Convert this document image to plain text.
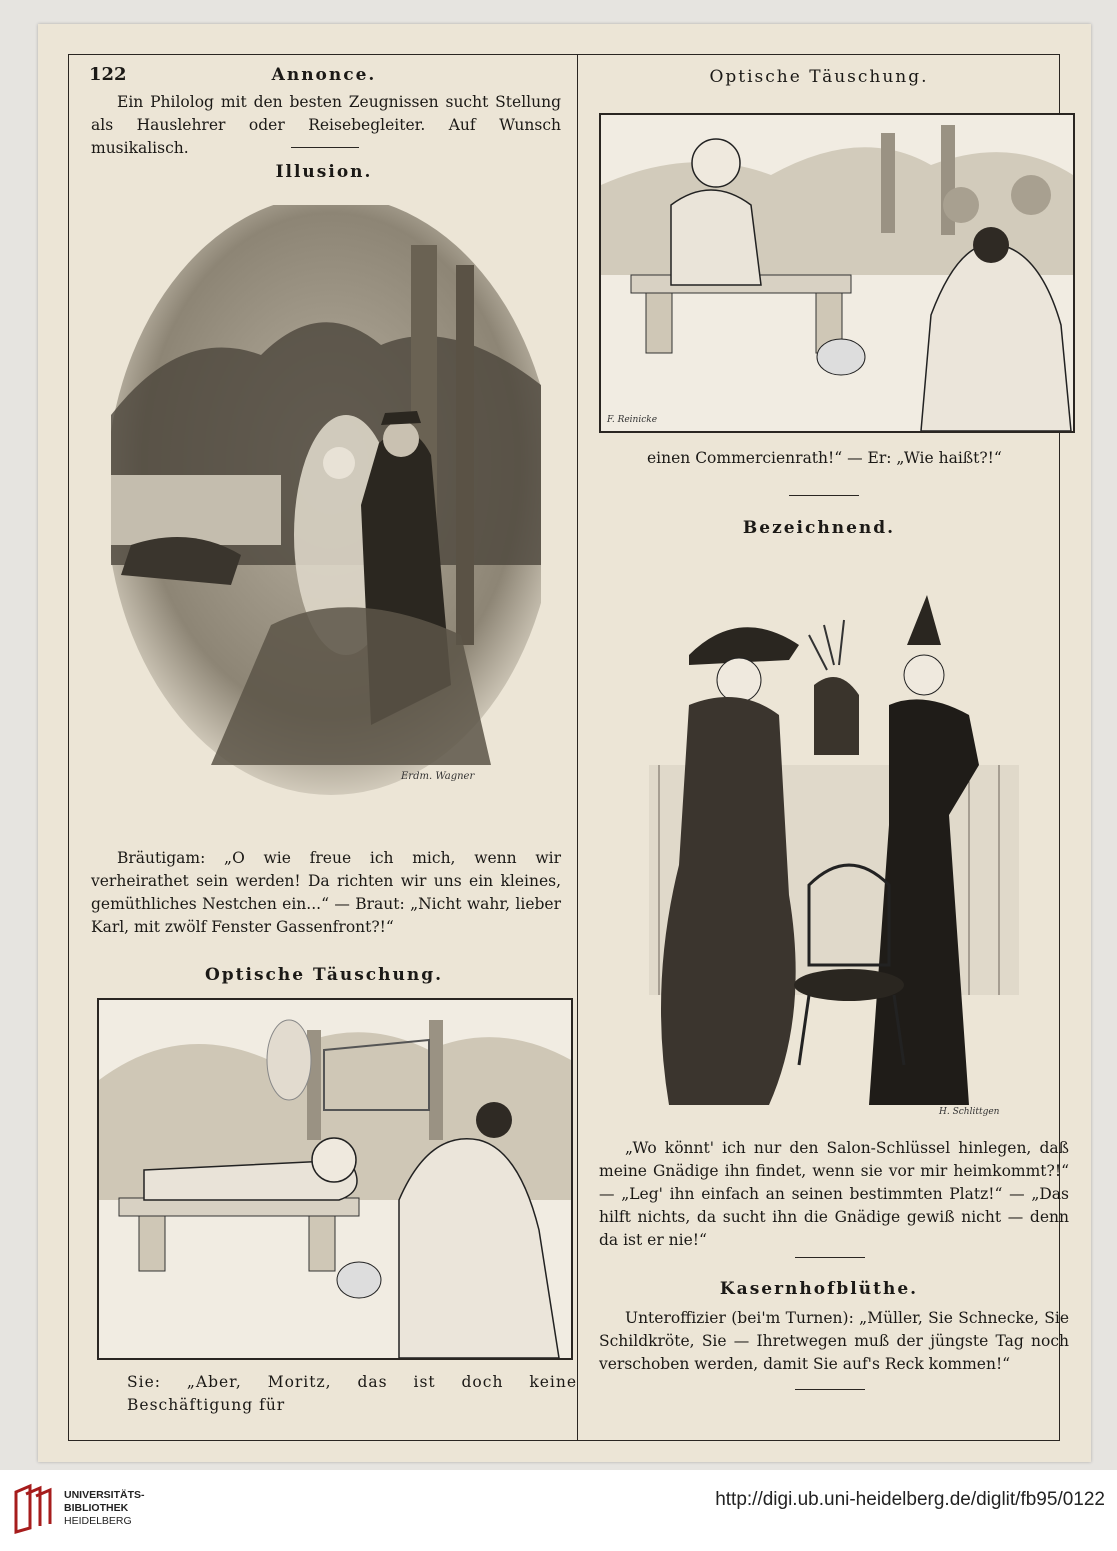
122	Annonce.
Ein Philolog mit den besten Zeugnissen sucht Stellung als Hauslehrer oder Reisebegleiter. Auf Wunsch musikalisch.
Illusion.
Erdm. Wagner
Bräutigam: „O wie freue ich mich, wenn wir verheirathet sein werden! Da richten wir uns ein kleines, gemüthliches Nestchen ein...“ — Braut: „Nicht wahr, lieber Karl, mit zwölf Fenster Gassenfront?!“
Optische Täuschung.
Sie: „Aber, Moritz, das ist doch keine Beschäftigung für
Optische Täuschung.
F. Reinicke
einen Commercienrath!“ — Er: „Wie haißt?!“
Bezeichnend.
H. Schlittgen
„Wo könnt' ich nur den Salon-Schlüssel hinlegen, daß meine Gnädige ihn findet, wenn sie vor mir heimkommt?!“ — „Leg' ihn einfach an seinen bestimmten Platz!“ — „Das hilft nichts, da sucht ihn die Gnädige gewiß nicht — denn da ist er nie!“
Kasernhofblüthe.
Unteroffizier (bei'm Turnen): „Müller, Sie Schnecke, Sie Schildkröte, Sie — Ihretwegen muß der jüngste Tag noch verschoben werden, damit Sie auf's Reck kommen!“
UNIVERSITÄTS-
BIBLIOTHEK
HEIDELBERG
http://digi.ub.uni-heidelberg.de/diglit/fb95/0122
